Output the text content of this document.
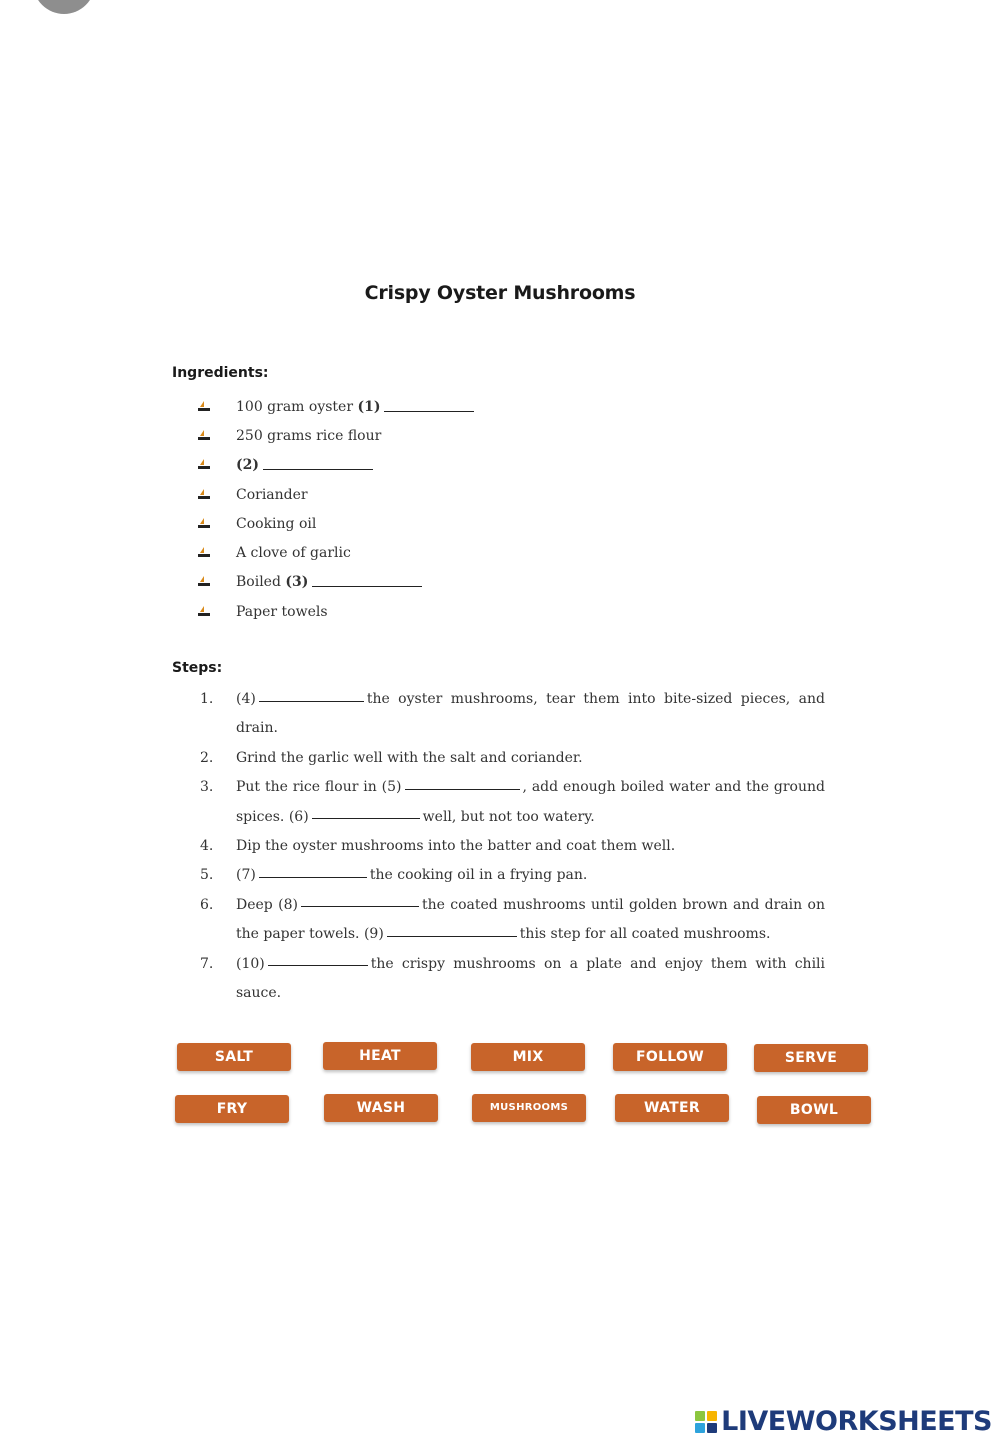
Crispy Oyster Mushrooms
Ingredients:
100 gram oyster
(1)
250 grams rice flour
(2)
Coriander
Cooking oil
A clove of garlic
Boiled
(3)
Paper towels
Steps:
1. (4)	the oyster mushrooms, tear them into bite-sized pieces, and drain.
2. Grind the garlic well with the salt and coriander.
3. Put the rice flour in (5)	, add enough boiled water and the ground spices. (6)	well, but not too watery.
4. Dip the oyster mushrooms into the batter and coat them well.
5. (7)	the cooking oil in a frying pan.
6. Deep (8)	the coated mushrooms until golden brown and drain on the paper towels. (9)	this step for all coated mushrooms.
7. (10)	the crispy mushrooms on a plate and enjoy them with chili sauce.
SALT	HEAT	MIX	FOLLOW	SERVE
FRY	WASH	MUSHROOMS	WATER	BOWL
LIVEWORKSHEETS
